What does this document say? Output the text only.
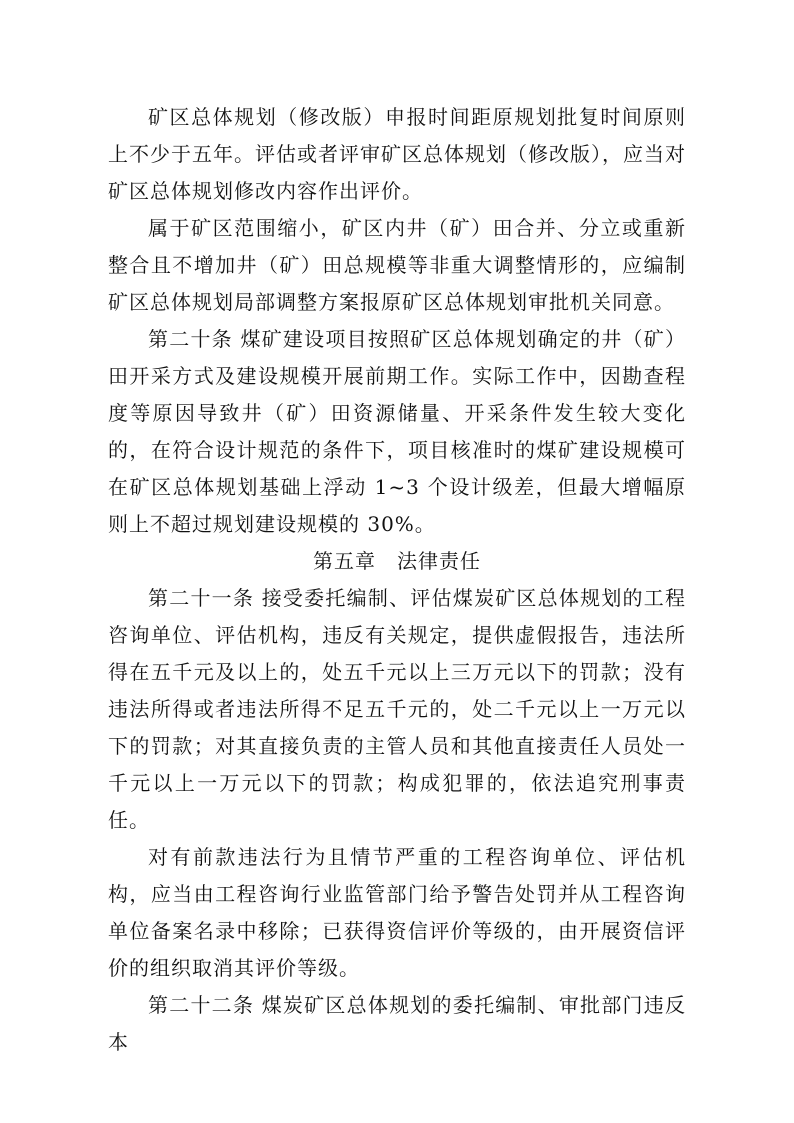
矿区总体规划（修改版）申报时间距原规划批复时间原则上不少于五年。评估或者评审矿区总体规划（修改版），应当对矿区总体规划修改内容作出评价。

属于矿区范围缩小，矿区内井（矿）田合并、分立或重新整合且不增加井（矿）田总规模等非重大调整情形的，应编制矿区总体规划局部调整方案报原矿区总体规划审批机关同意。

第二十条 煤矿建设项目按照矿区总体规划确定的井（矿）田开采方式及建设规模开展前期工作。实际工作中，因勘查程度等原因导致井（矿）田资源储量、开采条件发生较大变化的，在符合设计规范的条件下，项目核准时的煤矿建设规模可在矿区总体规划基础上浮动 1~3 个设计级差，但最大增幅原则上不超过规划建设规模的 30%。

第五章　法律责任

第二十一条 接受委托编制、评估煤炭矿区总体规划的工程咨询单位、评估机构，违反有关规定，提供虚假报告，违法所得在五千元及以上的，处五千元以上三万元以下的罚款；没有违法所得或者违法所得不足五千元的，处二千元以上一万元以下的罚款；对其直接负责的主管人员和其他直接责任人员处一千元以上一万元以下的罚款；构成犯罪的，依法追究刑事责任。

对有前款违法行为且情节严重的工程咨询单位、评估机构，应当由工程咨询行业监管部门给予警告处罚并从工程咨询单位备案名录中移除；已获得资信评价等级的，由开展资信评价的组织取消其评价等级。

第二十二条 煤炭矿区总体规划的委托编制、审批部门违反本
